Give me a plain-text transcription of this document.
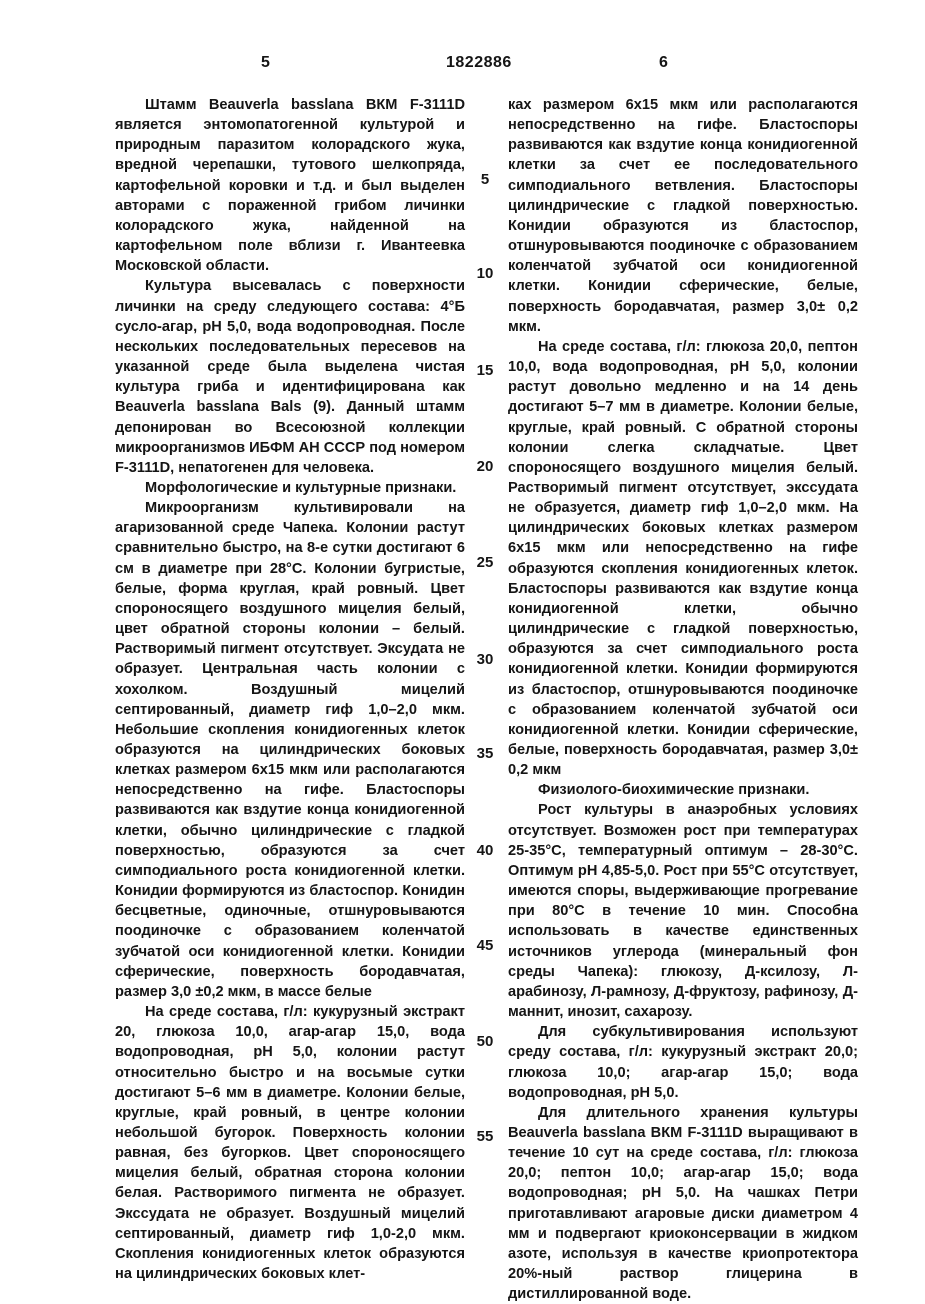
5	1822886	6

Штамм Beauverla basslana ВКМ F-3111D является энтомопатогенной культурой и природным паразитом колорадского жука, вредной черепашки, тутового шелкопряда, картофельной коровки и т.д. и был выделен авторами с пораженной грибом личинки колорадского жука, найденной на картофельном поле вблизи г. Ивантеевка Московской области.

Культура высевалась с поверхности личинки на среду следующего состава: 4°Б сусло-агар, рН 5,0, вода водопроводная. После нескольких последовательных пересевов на указанной среде была выделена чистая культура гриба и идентифицирована как Beauverla basslana Bals (9). Данный штамм депонирован во Всесоюзной коллекции микроорганизмов ИБФМ АН СССР под номером F-3111D, непатогенен для человека.

Морфологические и культурные признаки.

Микроорганизм культивировали на агаризованной среде Чапека. Колонии растут сравнительно быстро, на 8-е сутки достигают 6 см в диаметре при 28°С. Колонии бугристые, белые, форма круглая, край ровный. Цвет спороносящего воздушного мицелия белый, цвет обратной стороны колонии – белый. Растворимый пигмент отсутствует. Эксудата не образует. Центральная часть колонии с хохолком. Воздушный мицелий септированный, диаметр гиф 1,0–2,0 мкм. Небольшие скопления конидиогенных клеток образуются на цилиндрических боковых клетках размером 6х15 мкм или располагаются непосредственно на гифе. Бластоспоры развиваются как вздутие конца конидиогенной клетки, обычно цилиндрические с гладкой поверхностью, образуются за счет симподиального роста конидиогенной клетки. Конидии формируются из бластоспор. Конидин бесцветные, одиночные, отшнуровываются поодиночке с образованием коленчатой зубчатой оси конидиогенной клетки. Конидии сферические, поверхность бородавчатая, размер 3,0 ±0,2 мкм, в массе белые

На среде состава, г/л: кукурузный экстракт 20, глюкоза 10,0, агар-агар 15,0, вода водопроводная, рН 5,0, колонии растут относительно быстро и на восьмые сутки достигают 5–6 мм в диаметре. Колонии белые, круглые, край ровный, в центре колонии небольшой бугорок. Поверхность колонии равная, без бугорков. Цвет спороносящего мицелия белый, обратная сторона колонии белая. Растворимого пигмента не образует. Экссудата не образует. Воздушный мицелий септированный, диаметр гиф 1,0-2,0 мкм. Скопления конидиогенных клеток образуются на цилиндрических боковых клет-

5
10
15
20
25
30
35
40
45
50
55

ках размером 6х15 мкм или располагаются непосредственно на гифе. Бластоспоры развиваются как вздутие конца конидиогенной клетки за счет ее последовательного симподиального ветвления. Бластоспоры цилиндрические с гладкой поверхностью. Конидии образуются из бластоспор, отшнуровываются поодиночке с образованием коленчатой зубчатой оси конидиогенной клетки. Конидии сферические, белые, поверхность бородавчатая, размер 3,0± 0,2 мкм.

На среде состава, г/л: глюкоза 20,0, пептон 10,0, вода водопроводная, рН 5,0, колонии растут довольно медленно и на 14 день достигают 5–7 мм в диаметре. Колонии белые, круглые, край ровный. С обратной стороны колонии слегка складчатые. Цвет спороносящего воздушного мицелия белый. Растворимый пигмент отсутствует, экссудата не образуется, диаметр гиф 1,0–2,0 мкм. На цилиндрических боковых клетках размером 6х15 мкм или непосредственно на гифе образуются скопления конидиогенных клеток. Бластоспоры развиваются как вздутие конца конидиогенной клетки, обычно цилиндрические с гладкой поверхностью, образуются за счет симподиального роста конидиогенной клетки. Конидии формируются из бластоспор, отшнуровываются поодиночке с образованием коленчатой зубчатой оси конидиогенной клетки. Конидии сферические, белые, поверхность бородавчатая, размер 3,0± 0,2 мкм

Физиолого-биохимические признаки.

Рост культуры в анаэробных условиях отсутствует. Возможен рост при температурах 25-35°С, температурный оптимум – 28-30°С. Оптимум рН 4,85-5,0. Рост при 55°С отсутствует, имеются споры, выдерживающие прогревание при 80°С в течение 10 мин. Способна использовать в качестве единственных источников углерода (минеральный фон среды Чапека): глюкозу, Д-ксилозу, Л-арабинозу, Л-рамнозу, Д-фруктозу, рафинозу, Д-маннит, инозит, сахарозу.

Для субкультивирования используют среду состава, г/л: кукурузный экстракт 20,0; глюкоза 10,0; агар-агар 15,0; вода водопроводная, рН 5,0.

Для длительного хранения культуры Beauverla basslana ВКМ F-3111D выращивают в течение 10 сут на среде состава, г/л: глюкоза 20,0; пептон 10,0; агар-агар 15,0; вода водопроводная; рН 5,0. На чашках Петри приготавливают агаровые диски диаметром 4 мм и подвергают криоконсервации в жидком азоте, используя в качестве криопротектора 20%-ный раствор глицерина в дистиллированной воде.
